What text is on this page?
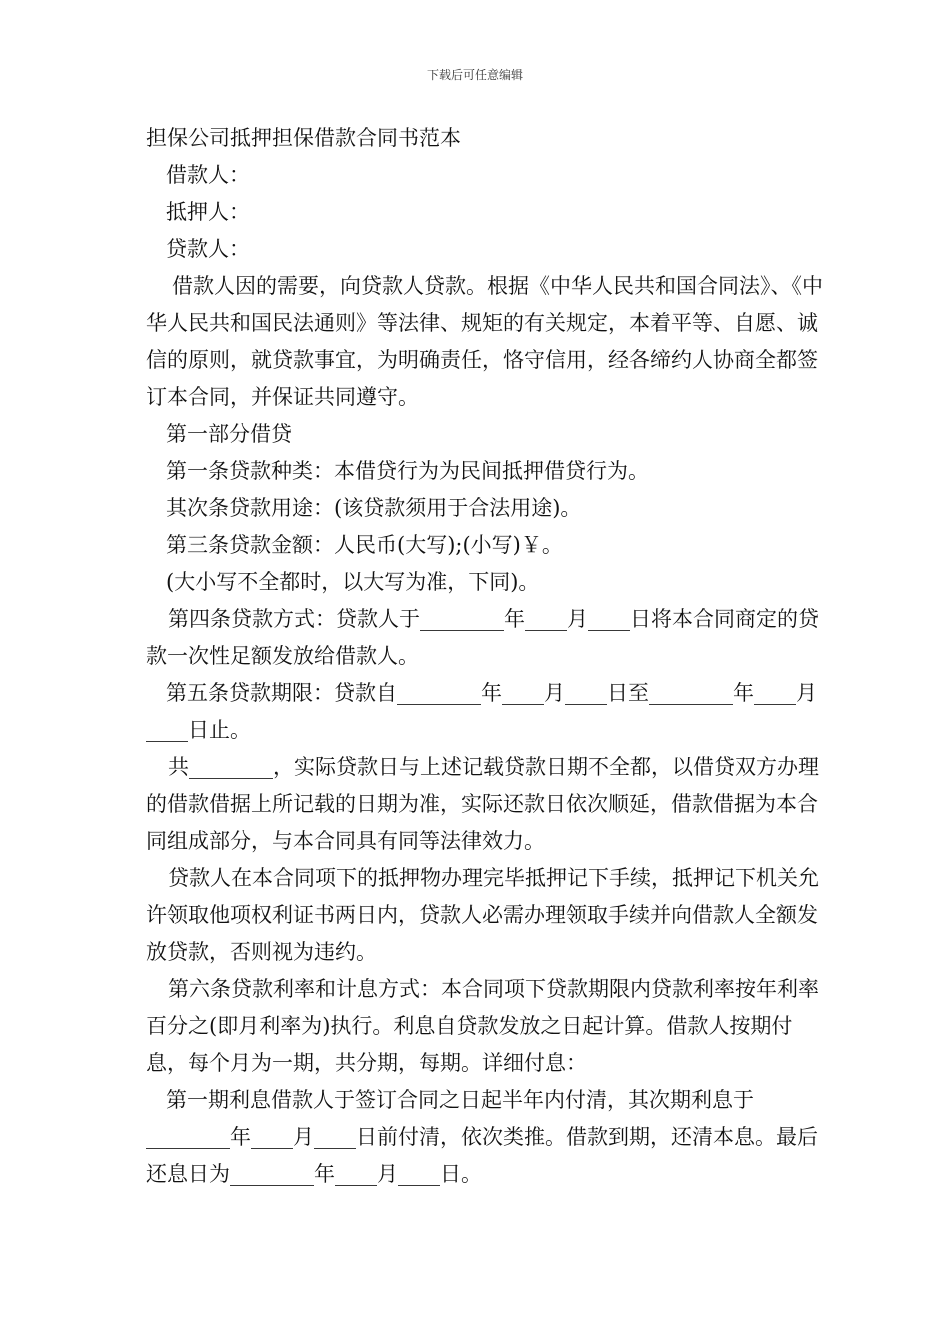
下载后可任意编辑

担保公司抵押担保借款合同书范本

借款人：

抵押人：

贷款人：

借款人因的需要，向贷款人贷款。根据《中华人民共和国合同法》、《中华人民共和国民法通则》等法律、规矩的有关规定，本着平等、自愿、诚信的原则，就贷款事宜，为明确责任，恪守信用，经各缔约人协商全都签订本合同，并保证共同遵守。

第一部分借贷

第一条贷款种类：本借贷行为为民间抵押借贷行为。

其次条贷款用途：(该贷款须用于合法用途)。

第三条贷款金额：人民币(大写);(小写)￥。

(大小写不全都时，以大写为准，下同)。

第四条贷款方式：贷款人于________年____月____日将本合同商定的贷款一次性足额发放给借款人。

第五条贷款期限：贷款自________年____月____日至________年____月____日止。

共________，实际贷款日与上述记载贷款日期不全都，以借贷双方办理的借款借据上所记载的日期为准，实际还款日依次顺延，借款借据为本合同组成部分，与本合同具有同等法律效力。

贷款人在本合同项下的抵押物办理完毕抵押记下手续，抵押记下机关允许领取他项权利证书两日内，贷款人必需办理领取手续并向借款人全额发放贷款，否则视为违约。

第六条贷款利率和计息方式：本合同项下贷款期限内贷款利率按年利率百分之(即月利率为)执行。利息自贷款发放之日起计算。借款人按期付息，每个月为一期，共分期，每期。详细付息：

第一期利息借款人于签订合同之日起半年内付清，其次期利息于________年____月____日前付清，依次类推。借款到期，还清本息。最后还息日为________年____月____日。
